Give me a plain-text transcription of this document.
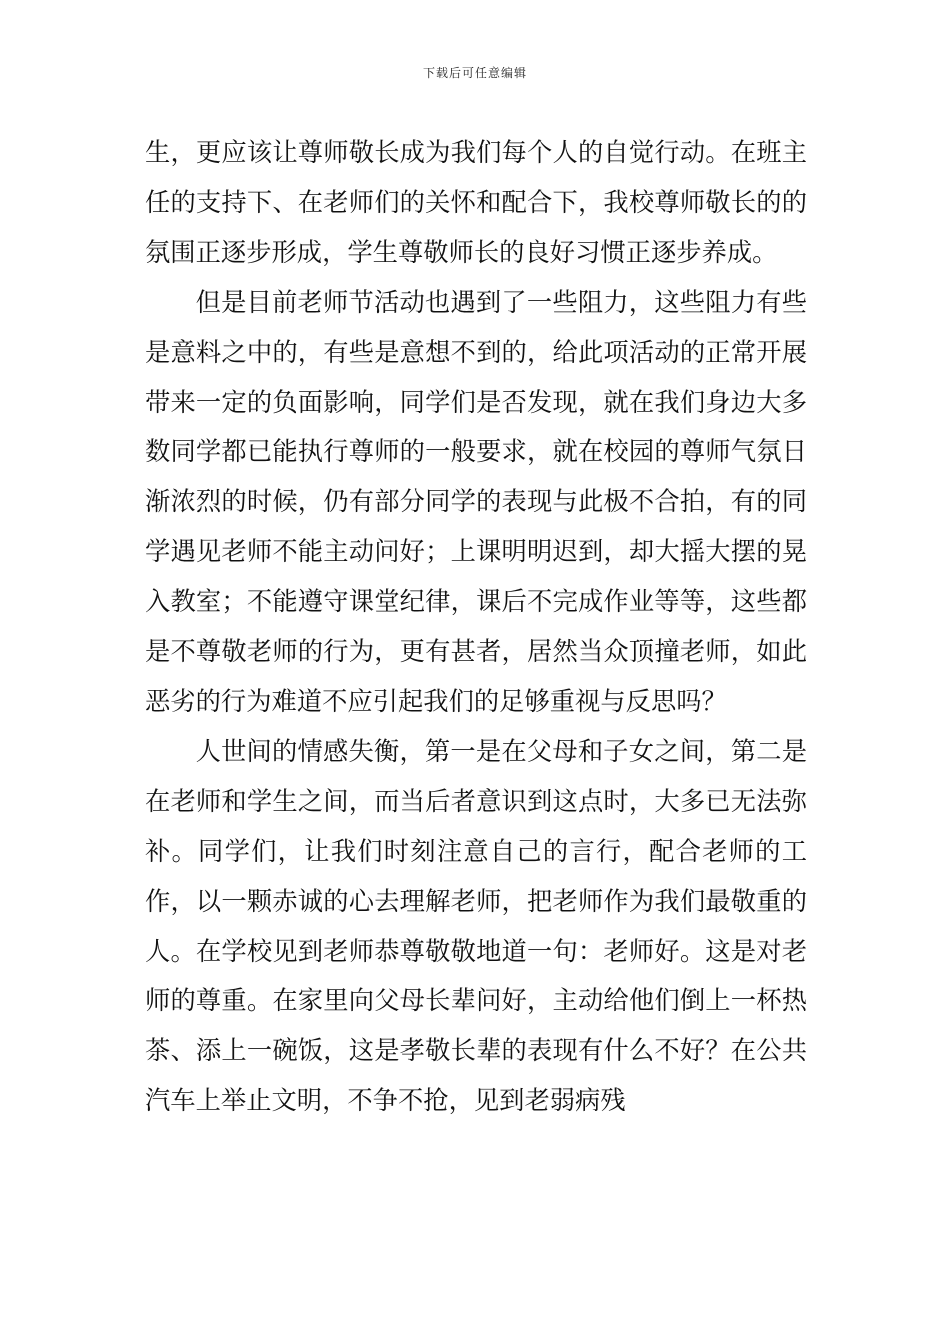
下载后可任意编辑

生，更应该让尊师敬长成为我们每个人的自觉行动。在班主任的支持下、在老师们的关怀和配合下，我校尊师敬长的的氛围正逐步形成，学生尊敬师长的良好习惯正逐步养成。

但是目前老师节活动也遇到了一些阻力，这些阻力有些是意料之中的，有些是意想不到的，给此项活动的正常开展带来一定的负面影响，同学们是否发现，就在我们身边大多数同学都已能执行尊师的一般要求，就在校园的尊师气氛日渐浓烈的时候，仍有部分同学的表现与此极不合拍，有的同学遇见老师不能主动问好；上课明明迟到，却大摇大摆的晃入教室；不能遵守课堂纪律，课后不完成作业等等，这些都是不尊敬老师的行为，更有甚者，居然当众顶撞老师，如此恶劣的行为难道不应引起我们的足够重视与反思吗？

人世间的情感失衡，第一是在父母和子女之间，第二是在老师和学生之间，而当后者意识到这点时，大多已无法弥补。同学们，让我们时刻注意自己的言行，配合老师的工作，以一颗赤诚的心去理解老师，把老师作为我们最敬重的人。在学校见到老师恭尊敬敬地道一句：老师好。这是对老师的尊重。在家里向父母长辈问好，主动给他们倒上一杯热茶、添上一碗饭，这是孝敬长辈的表现有什么不好？在公共汽车上举止文明，不争不抢，见到老弱病残
